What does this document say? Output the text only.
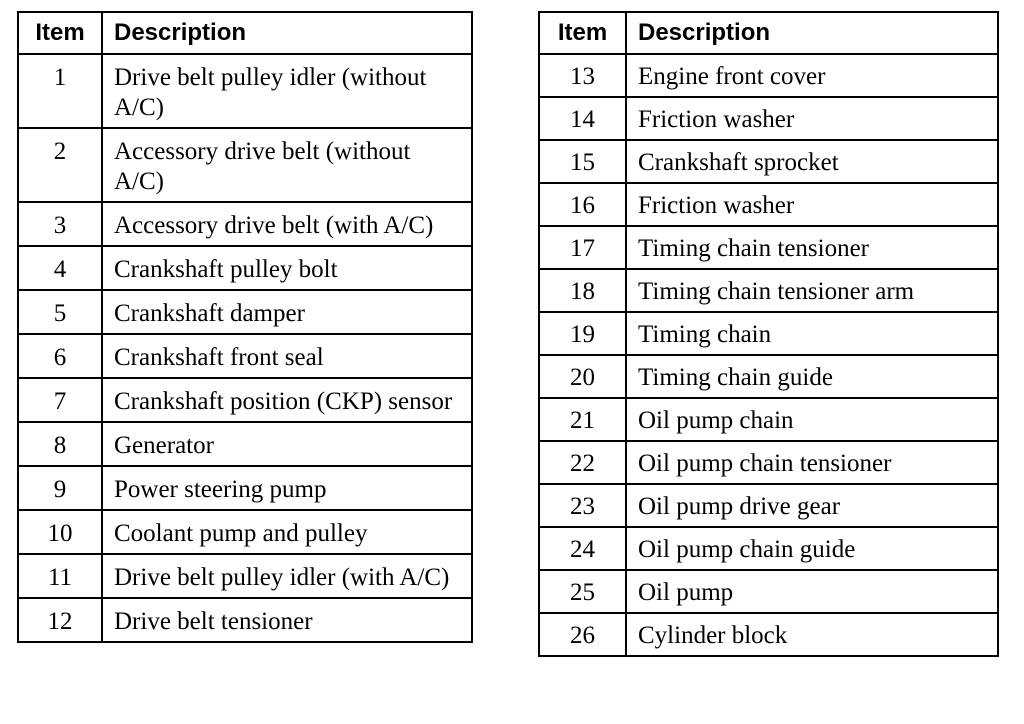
Item	Description
1	Drive belt pulley idler (without A/C)
2	Accessory drive belt (without A/C)
3	Accessory drive belt (with A/C)
4	Crankshaft pulley bolt
5	Crankshaft damper
6	Crankshaft front seal
7	Crankshaft position (CKP) sensor
8	Generator
9	Power steering pump
10	Coolant pump and pulley
11	Drive belt pulley idler (with A/C)
12	Drive belt tensioner
Item	Description
13	Engine front cover
14	Friction washer
15	Crankshaft sprocket
16	Friction washer
17	Timing chain tensioner
18	Timing chain tensioner arm
19	Timing chain
20	Timing chain guide
21	Oil pump chain
22	Oil pump chain tensioner
23	Oil pump drive gear
24	Oil pump chain guide
25	Oil pump
26	Cylinder block
